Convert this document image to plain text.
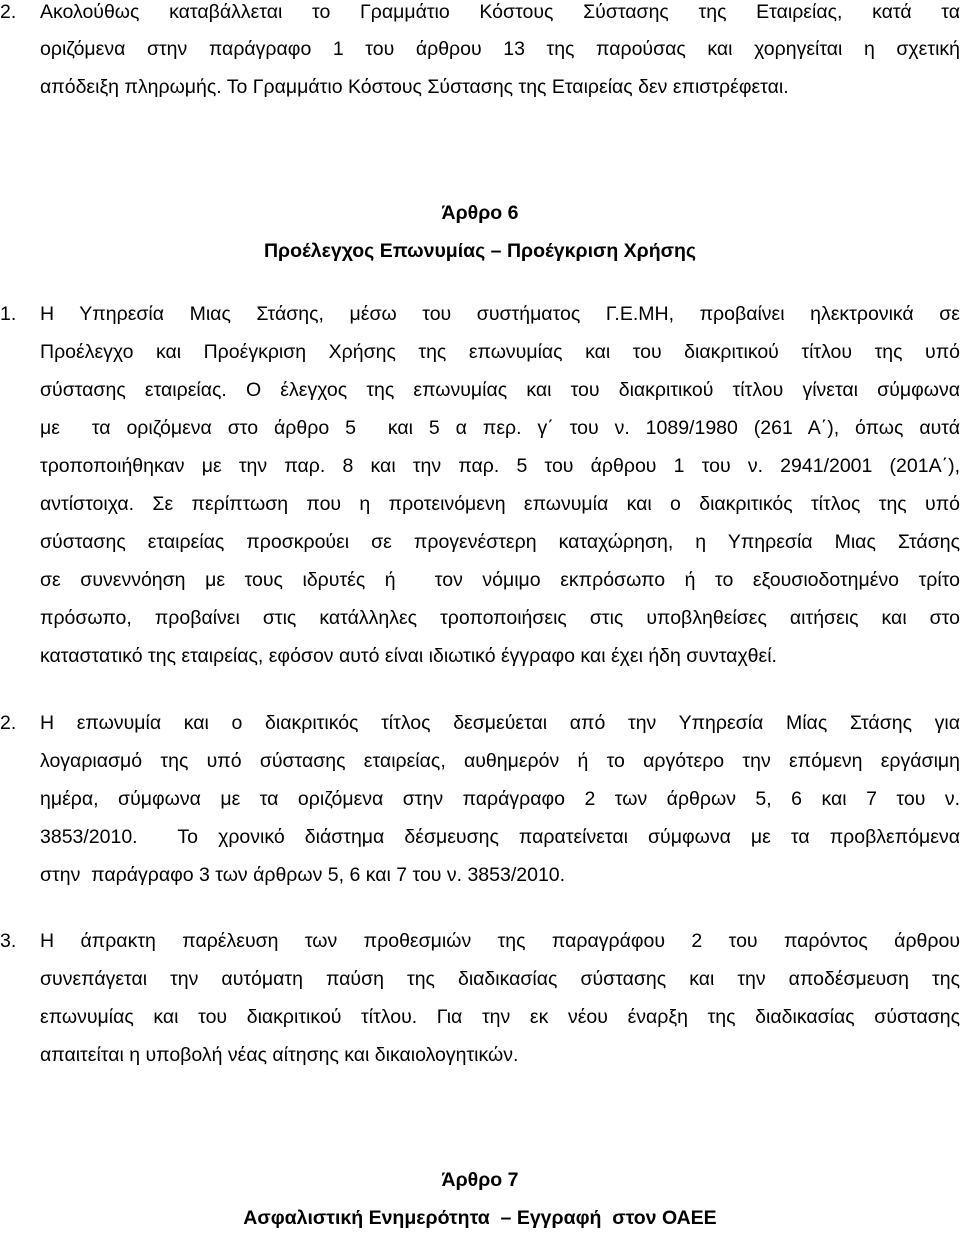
2. Ακολούθως καταβάλλεται το Γραμμάτιο Κόστους Σύστασης της Εταιρείας, κατά τα
οριζόμενα στην παράγραφο 1 του άρθρου 13 της παρούσας και χορηγείται η σχετική
απόδειξη πληρωμής. Το Γραμμάτιο Κόστους Σύστασης της Εταιρείας δεν επιστρέφεται.
Άρθρο 6
Προέλεγχος Επωνυμίας – Προέγκριση Χρήσης
1. Η Υπηρεσία Μιας Στάσης, μέσω του συστήματος Γ.Ε.ΜΗ, προβαίνει ηλεκτρονικά σε
Προέλεγχο και Προέγκριση Χρήσης της επωνυμίας και του διακριτικού τίτλου της υπό
σύστασης εταιρείας. Ο έλεγχος της επωνυμίας και του διακριτικού τίτλου γίνεται σύμφωνα
με  τα οριζόμενα στο άρθρο 5  και 5 α περ. γ΄ του ν. 1089/1980 (261 Α΄), όπως αυτά
τροποποιήθηκαν με την παρ. 8 και την παρ. 5 του άρθρου 1 του ν. 2941/2001 (201Α΄),
αντίστοιχα. Σε περίπτωση που η προτεινόμενη επωνυμία και ο διακριτικός τίτλος της υπό
σύστασης εταιρείας προσκρούει σε προγενέστερη καταχώρηση, η Υπηρεσία Μιας Στάσης
σε συνεννόηση με τους ιδρυτές ή  τον νόμιμο εκπρόσωπο ή το εξουσιοδοτημένο τρίτο
πρόσωπο, προβαίνει στις κατάλληλες τροποποιήσεις στις υποβληθείσες αιτήσεις και στο
καταστατικό της εταιρείας, εφόσον αυτό είναι ιδιωτικό έγγραφο και έχει ήδη συνταχθεί.
2. Η επωνυμία και ο διακριτικός τίτλος δεσμεύεται από την Υπηρεσία Μίας Στάσης για
λογαριασμό της υπό σύστασης εταιρείας, αυθημερόν ή το αργότερο την επόμενη εργάσιμη
ημέρα, σύμφωνα με τα οριζόμενα στην παράγραφο 2 των άρθρων 5, 6 και 7 του ν.
3853/2010.  Το χρονικό διάστημα δέσμευσης παρατείνεται σύμφωνα με τα προβλεπόμενα
στην  παράγραφο 3 των άρθρων 5, 6 και 7 του ν. 3853/2010.
3. Η άπρακτη παρέλευση των προθεσμιών της παραγράφου 2 του παρόντος άρθρου
συνεπάγεται την αυτόματη παύση της διαδικασίας σύστασης και την αποδέσμευση της
επωνυμίας και του διακριτικού τίτλου. Για την εκ νέου έναρξη της διαδικασίας σύστασης
απαιτείται η υποβολή νέας αίτησης και δικαιολογητικών.
Άρθρο 7
Ασφαλιστική Ενημερότητα  – Εγγραφή  στον ΟΑΕΕ
